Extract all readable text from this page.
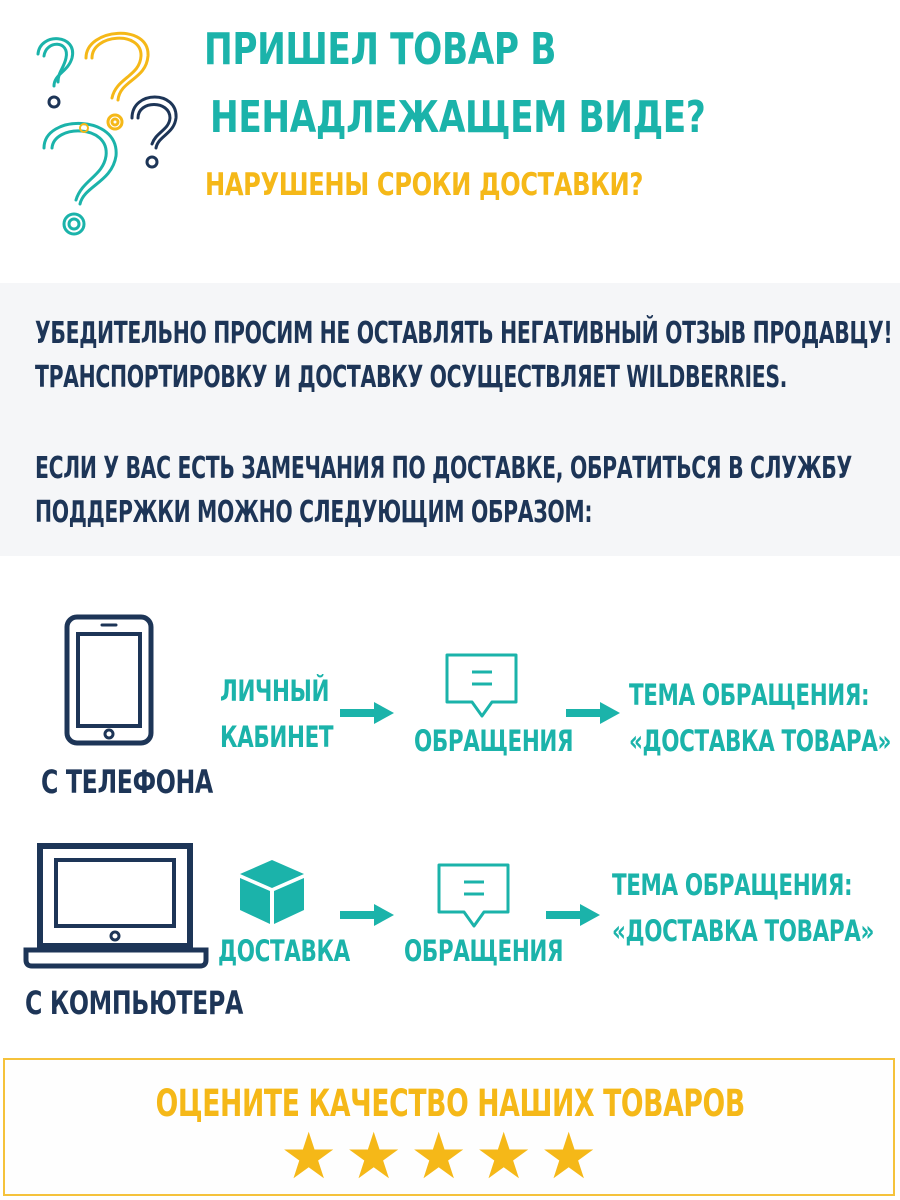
ПРИШЕЛ ТОВАР В
НЕНАДЛЕЖАЩЕМ ВИДЕ?
НАРУШЕНЫ СРОКИ ДОСТАВКИ?
УБЕДИТЕЛЬНО ПРОСИМ НЕ ОСТАВЛЯТЬ НЕГАТИВНЫЙ ОТЗЫВ ПРОДАВЦУ!
ТРАНСПОРТИРОВКУ И ДОСТАВКУ ОСУЩЕСТВЛЯЕТ WILDBERRIES.
ЕСЛИ У ВАС ЕСТЬ ЗАМЕЧАНИЯ ПО ДОСТАВКЕ, ОБРАТИТЬСЯ В СЛУЖБУ
ПОДДЕРЖКИ МОЖНО СЛЕДУЮЩИМ ОБРАЗОМ:
С ТЕЛЕФОНА
ЛИЧНЫЙ
КАБИНЕТ	ОБРАЩЕНИЯ
ТЕМА ОБРАЩЕНИЯ:
«ДОСТАВКА ТОВАРА»
С КОМПЬЮТЕРА
ДОСТАВКА	ОБРАЩЕНИЯ
ТЕМА ОБРАЩЕНИЯ:
«ДОСТАВКА ТОВАРА»
ОЦЕНИТЕ КАЧЕСТВО НАШИХ ТОВАРОВ
★ ★ ★ ★ ★
